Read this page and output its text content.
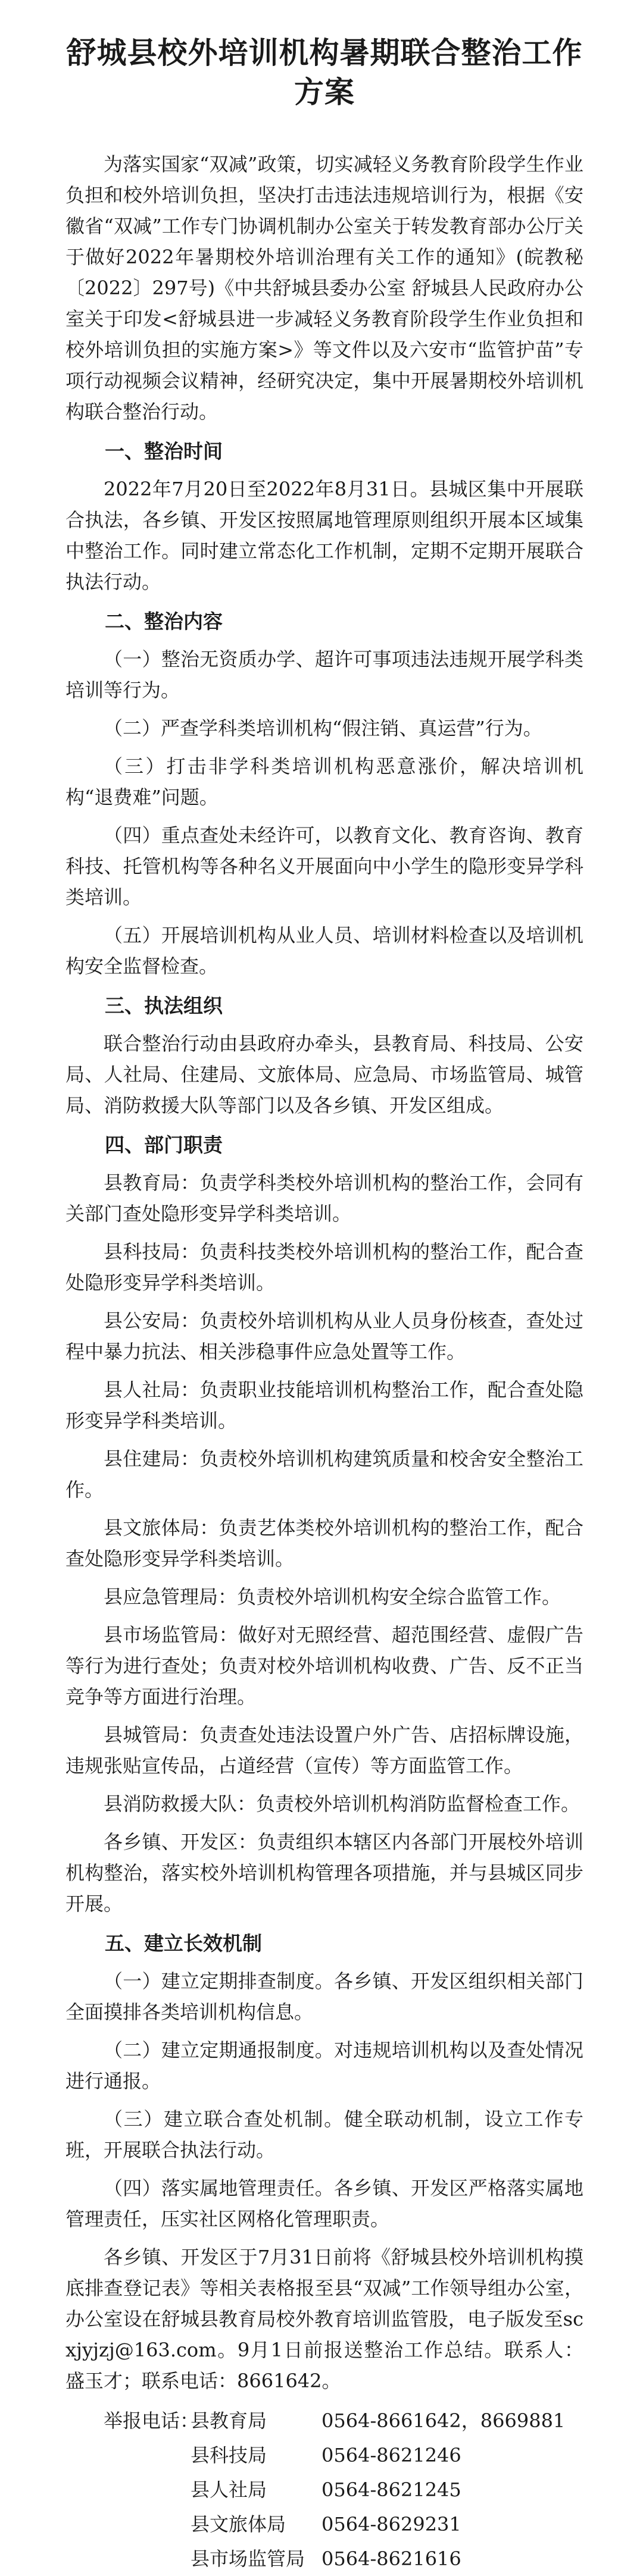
舒城县校外培训机构暑期联合整治工作方案

为落实国家“双减”政策，切实减轻义务教育阶段学生作业负担和校外培训负担，坚决打击违法违规培训行为，根据《安徽省“双减”工作专门协调机制办公室关于转发教育部办公厅关于做好2022年暑期校外培训治理有关工作的通知》(皖教秘〔2022〕297号)《中共舒城县委办公室 舒城县人民政府办公室关于印发<舒城县进一步减轻义务教育阶段学生作业负担和校外培训负担的实施方案>》等文件以及六安市“监管护苗”专项行动视频会议精神，经研究决定，集中开展暑期校外培训机构联合整治行动。

一、整治时间

2022年7月20日至2022年8月31日。县城区集中开展联合执法，各乡镇、开发区按照属地管理原则组织开展本区域集中整治工作。同时建立常态化工作机制，定期不定期开展联合执法行动。

二、整治内容

（一）整治无资质办学、超许可事项违法违规开展学科类培训等行为。

（二）严查学科类培训机构“假注销、真运营”行为。

（三）打击非学科类培训机构恶意涨价，解决培训机构“退费难”问题。

（四）重点查处未经许可，以教育文化、教育咨询、教育科技、托管机构等各种名义开展面向中小学生的隐形变异学科类培训。

（五）开展培训机构从业人员、培训材料检查以及培训机构安全监督检查。

三、执法组织

联合整治行动由县政府办牵头，县教育局、科技局、公安局、人社局、住建局、文旅体局、应急局、市场监管局、城管局、消防救援大队等部门以及各乡镇、开发区组成。

四、部门职责

县教育局：负责学科类校外培训机构的整治工作，会同有关部门查处隐形变异学科类培训。

县科技局：负责科技类校外培训机构的整治工作，配合查处隐形变异学科类培训。

县公安局：负责校外培训机构从业人员身份核查，查处过程中暴力抗法、相关涉稳事件应急处置等工作。

县人社局：负责职业技能培训机构整治工作，配合查处隐形变异学科类培训。

县住建局：负责校外培训机构建筑质量和校舍安全整治工作。

县文旅体局：负责艺体类校外培训机构的整治工作，配合查处隐形变异学科类培训。

县应急管理局：负责校外培训机构安全综合监管工作。

县市场监管局：做好对无照经营、超范围经营、虚假广告等行为进行查处；负责对校外培训机构收费、广告、反不正当竞争等方面进行治理。

县城管局：负责查处违法设置户外广告、店招标牌设施，违规张贴宣传品，占道经营（宣传）等方面监管工作。

县消防救援大队：负责校外培训机构消防监督检查工作。

各乡镇、开发区：负责组织本辖区内各部门开展校外培训机构整治，落实校外培训机构管理各项措施，并与县城区同步开展。

五、建立长效机制

（一）建立定期排查制度。各乡镇、开发区组织相关部门全面摸排各类培训机构信息。

（二）建立定期通报制度。对违规培训机构以及查处情况进行通报。

（三）建立联合查处机制。健全联动机制，设立工作专班，开展联合执法行动。

（四）落实属地管理责任。各乡镇、开发区严格落实属地管理责任，压实社区网格化管理职责。

各乡镇、开发区于7月31日前将《舒城县校外培训机构摸底排查登记表》等相关表格报至县“双减”工作领导组办公室，办公室设在舒城县教育局校外教育培训监管股，电子版发至scxjyjzj@163.com。9月1日前报送整治工作总结。联系人：盛玉才；联系电话：8661642。

举报电话：
县教育局	0564-8661642，8669881
县科技局	0564-8621246
县人社局	0564-8621245
县文旅体局	0564-8629231
县市场监管局 0564-8621616
